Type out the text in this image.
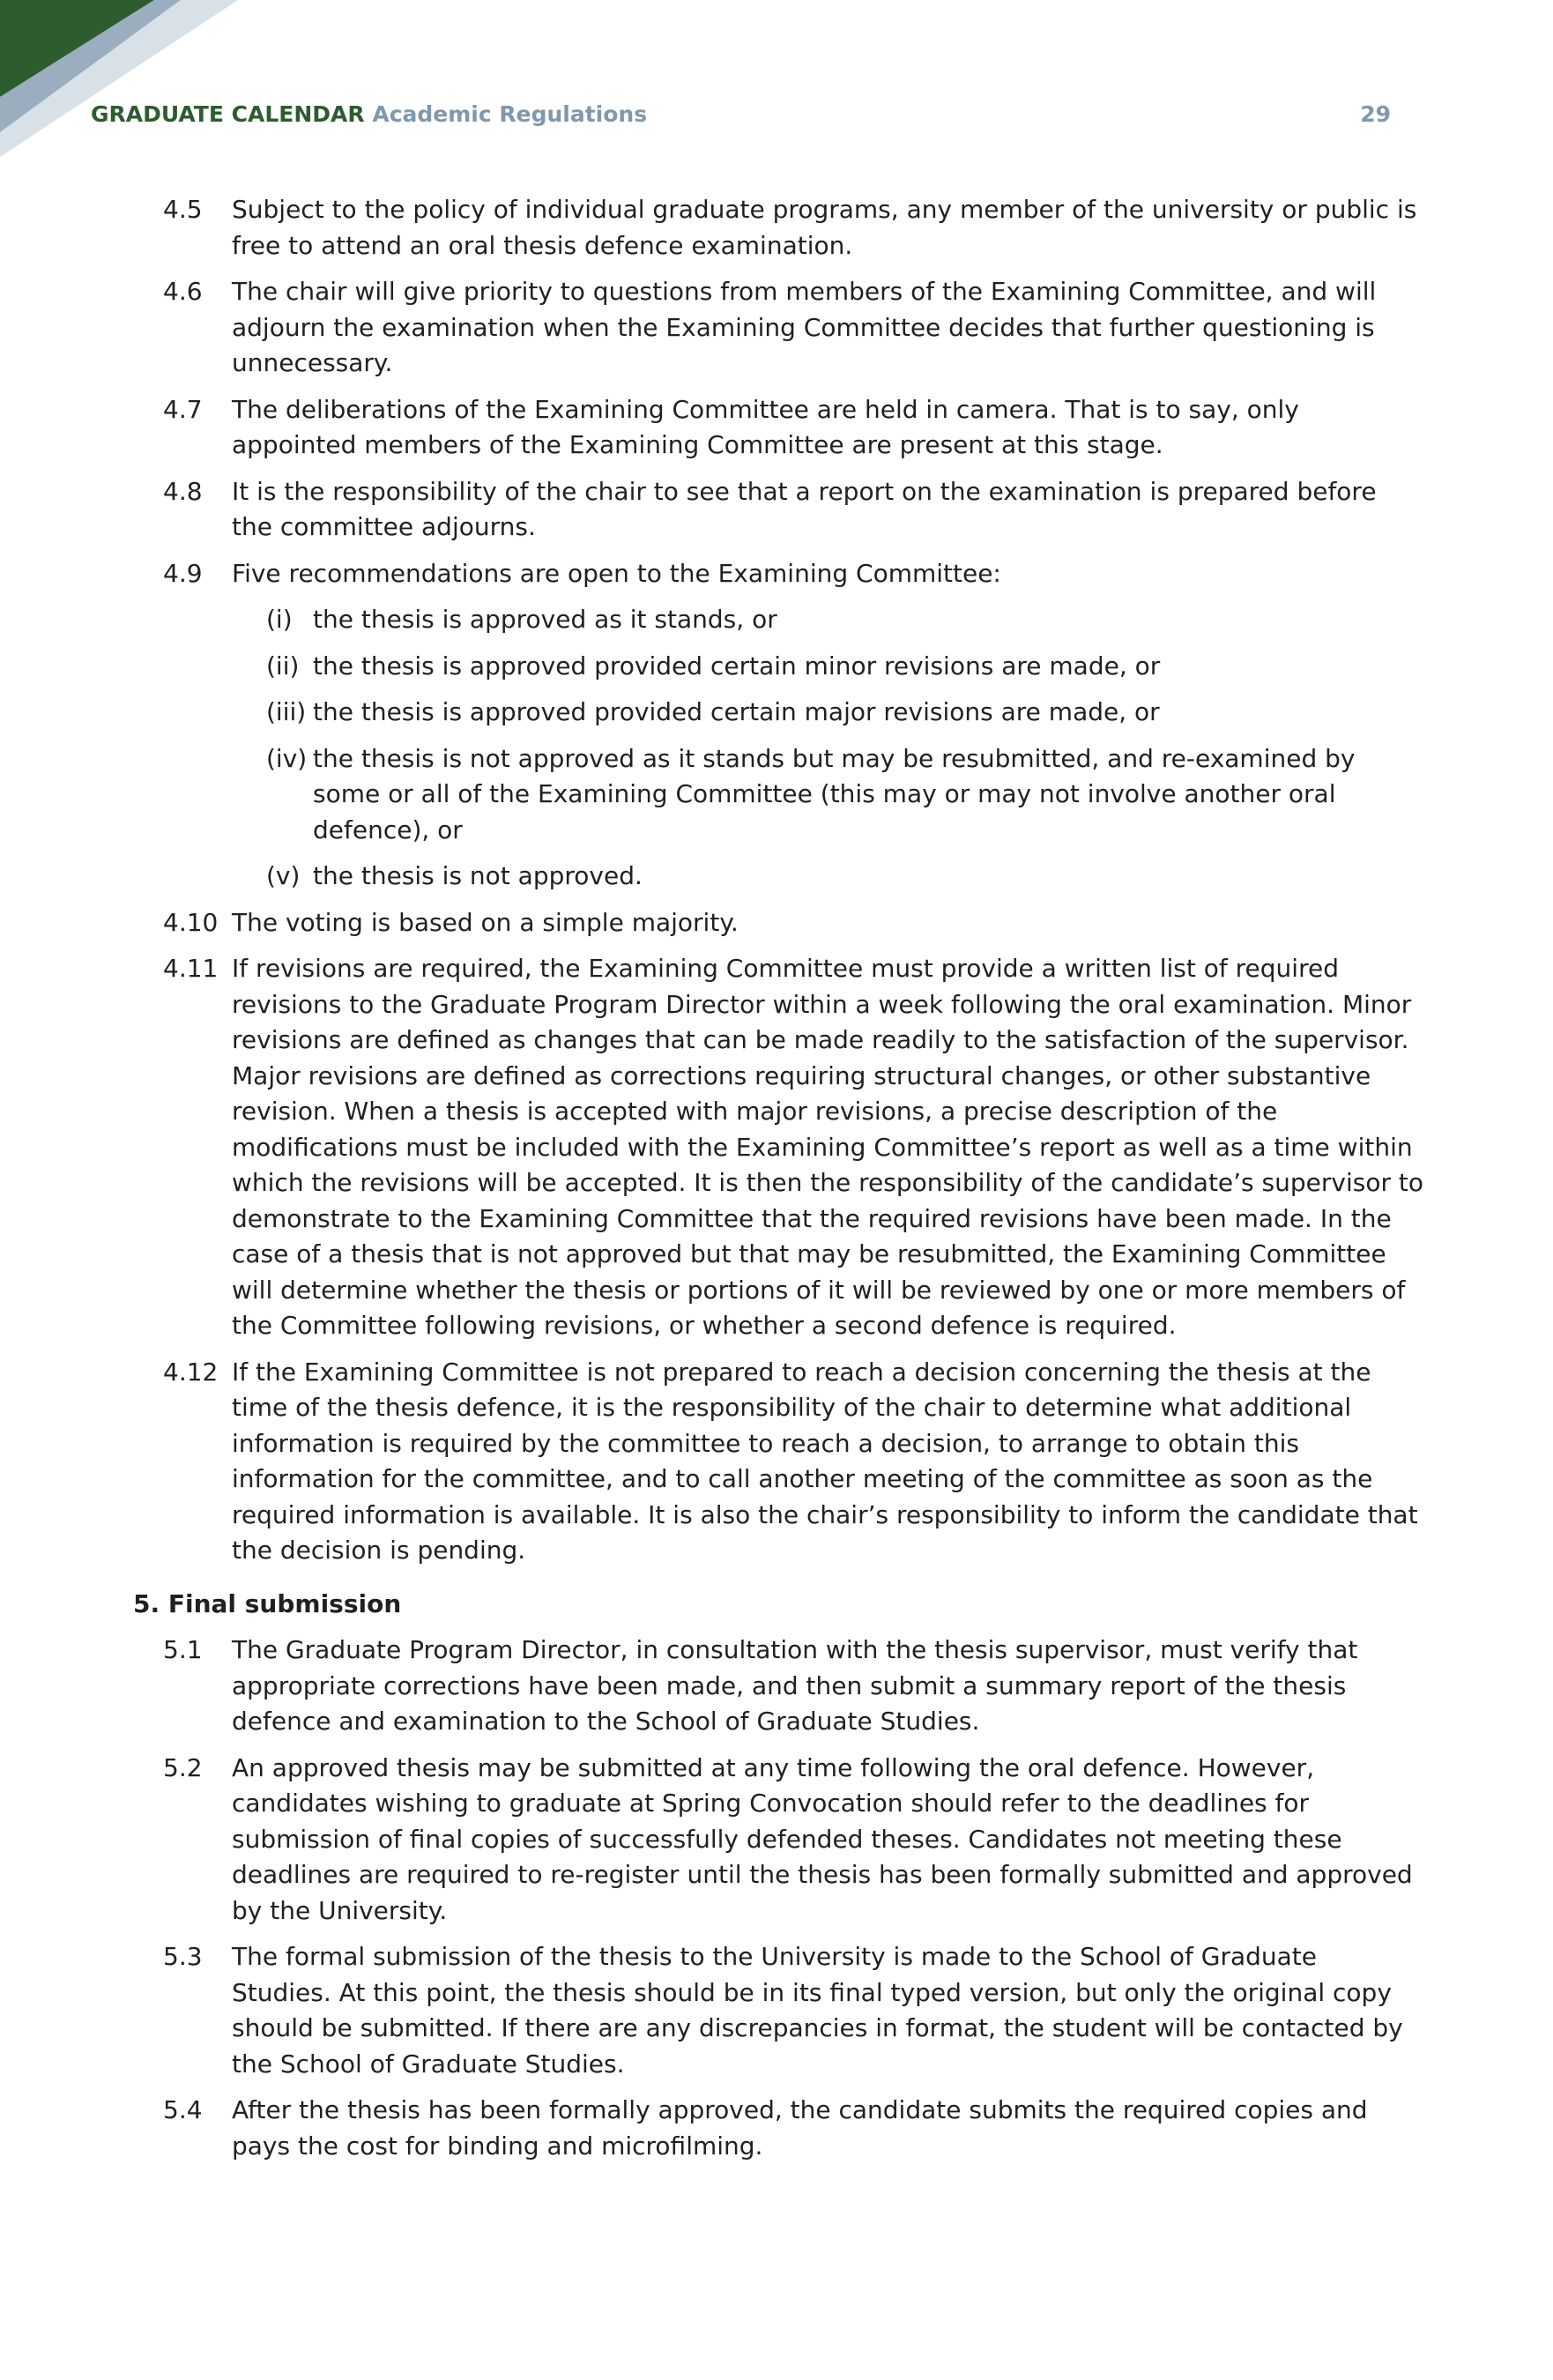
GRADUATE CALENDAR Academic Regulations	29
4.5 Subject to the policy of individual graduate programs, any member of the university or public is free to attend an oral thesis defence examination.
4.6 The chair will give priority to questions from members of the Examining Committee, and will adjourn the examination when the Examining Committee decides that further questioning is unnecessary.
4.7 The deliberations of the Examining Committee are held in camera. That is to say, only appointed members of the Examining Committee are present at this stage.
4.8 It is the responsibility of the chair to see that a report on the examination is prepared before the committee adjourns.
4.9 Five recommendations are open to the Examining Committee:
(i) the thesis is approved as it stands, or
(ii) the thesis is approved provided certain minor revisions are made, or
(iii) the thesis is approved provided certain major revisions are made, or
(iv) the thesis is not approved as it stands but may be resubmitted, and re-examined by some or all of the Examining Committee (this may or may not involve another oral defence), or
(v) the thesis is not approved.
4.10 The voting is based on a simple majority.
4.11 If revisions are required, the Examining Committee must provide a written list of required revisions to the Graduate Program Director within a week following the oral examination. Minor revisions are defined as changes that can be made readily to the satisfaction of the supervisor. Major revisions are defined as corrections requiring structural changes, or other substantive revision. When a thesis is accepted with major revisions, a precise description of the modifications must be included with the Examining Committee’s report as well as a time within which the revisions will be accepted. It is then the responsibility of the candidate’s supervisor to demonstrate to the Examining Committee that the required revisions have been made. In the case of a thesis that is not approved but that may be resubmitted, the Examining Committee will determine whether the thesis or portions of it will be reviewed by one or more members of the Committee following revisions, or whether a second defence is required.
4.12 If the Examining Committee is not prepared to reach a decision concerning the thesis at the time of the thesis defence, it is the responsibility of the chair to determine what additional information is required by the committee to reach a decision, to arrange to obtain this information for the committee, and to call another meeting of the committee as soon as the required information is available. It is also the chair’s responsibility to inform the candidate that the decision is pending.
5. Final submission
5.1 The Graduate Program Director, in consultation with the thesis supervisor, must verify that appropriate corrections have been made, and then submit a summary report of the thesis defence and examination to the School of Graduate Studies.
5.2 An approved thesis may be submitted at any time following the oral defence. However, candidates wishing to graduate at Spring Convocation should refer to the deadlines for submission of final copies of successfully defended theses. Candidates not meeting these deadlines are required to re-register until the thesis has been formally submitted and approved by the University.
5.3 The formal submission of the thesis to the University is made to the School of Graduate Studies. At this point, the thesis should be in its final typed version, but only the original copy should be submitted. If there are any discrepancies in format, the student will be contacted by the School of Graduate Studies.
5.4 After the thesis has been formally approved, the candidate submits the required copies and pays the cost for binding and microfilming.
